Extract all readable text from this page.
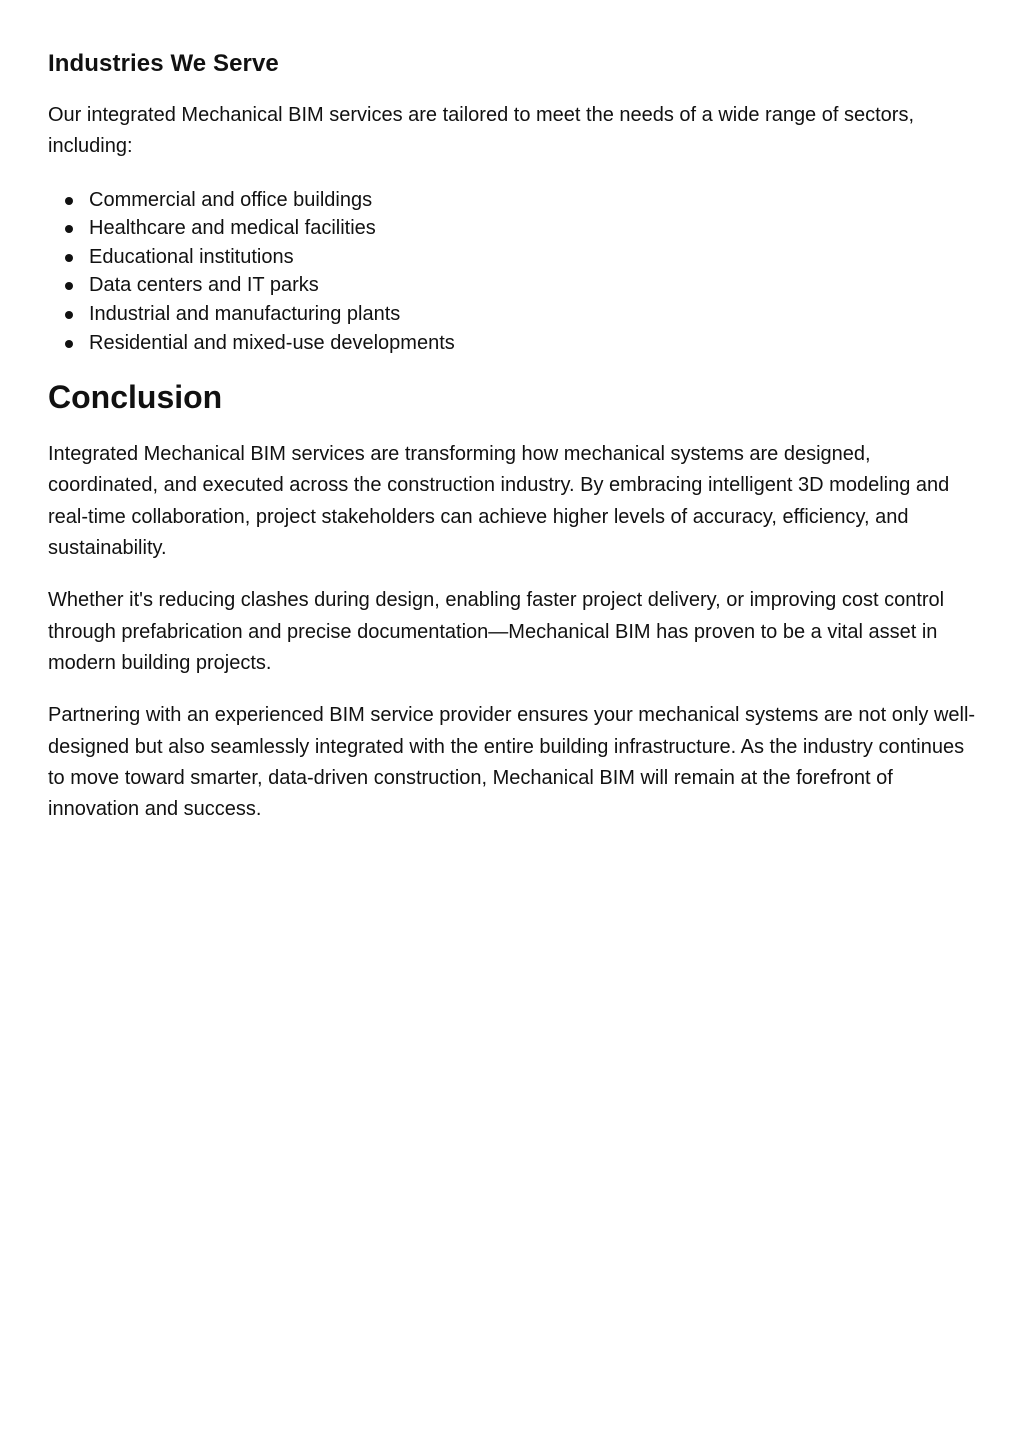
Industries We Serve

Our integrated Mechanical BIM services are tailored to meet the needs of a wide range of sectors, including:

Commercial and office buildings
Healthcare and medical facilities
Educational institutions
Data centers and IT parks
Industrial and manufacturing plants
Residential and mixed-use developments
Conclusion

Integrated Mechanical BIM services are transforming how mechanical systems are designed, coordinated, and executed across the construction industry. By embracing intelligent 3D modeling and real-time collaboration, project stakeholders can achieve higher levels of accuracy, efficiency, and sustainability.

Whether it's reducing clashes during design, enabling faster project delivery, or improving cost control through prefabrication and precise documentation—Mechanical BIM has proven to be a vital asset in modern building projects.

Partnering with an experienced BIM service provider ensures your mechanical systems are not only well-designed but also seamlessly integrated with the entire building infrastructure. As the industry continues to move toward smarter, data-driven construction, Mechanical BIM will remain at the forefront of innovation and success.
